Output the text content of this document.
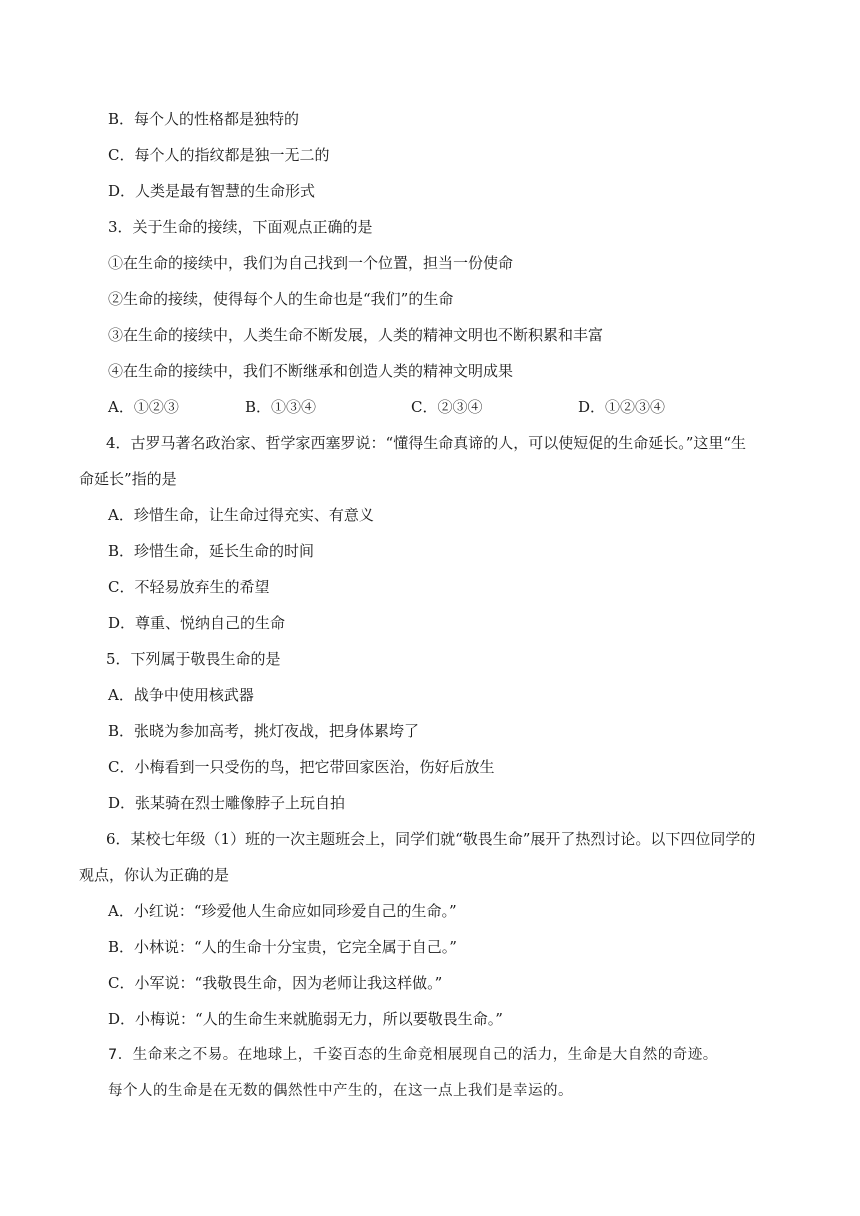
B．每个人的性格都是独特的
C．每个人的指纹都是独一无二的
D．人类是最有智慧的生命形式
3．关于生命的接续，下面观点正确的是
①在生命的接续中，我们为自己找到一个位置，担当一份使命
②生命的接续，使得每个人的生命也是“我们”的生命
③在生命的接续中，人类生命不断发展，人类的精神文明也不断积累和丰富
④在生命的接续中，我们不断继承和创造人类的精神文明成果
A．①②③	B．①③④	C．②③④	D．①②③④
4．古罗马著名政治家、哲学家西塞罗说：“懂得生命真谛的人，可以使短促的生命延长。”这里“生
命延长”指的是
A．珍惜生命，让生命过得充实、有意义
B．珍惜生命，延长生命的时间
C．不轻易放弃生的希望
D．尊重、悦纳自己的生命
5．下列属于敬畏生命的是
A．战争中使用核武器
B．张晓为参加高考，挑灯夜战，把身体累垮了
C．小梅看到一只受伤的鸟，把它带回家医治，伤好后放生
D．张某骑在烈士雕像脖子上玩自拍
6．某校七年级（1）班的一次主题班会上，同学们就“敬畏生命”展开了热烈讨论。以下四位同学的
观点，你认为正确的是
A．小红说：“珍爱他人生命应如同珍爱自己的生命。”
B．小林说：“人的生命十分宝贵，它完全属于自己。”
C．小军说：“我敬畏生命，因为老师让我这样做。”
D．小梅说：“人的生命生来就脆弱无力，所以要敬畏生命。”
7．生命来之不易。在地球上，千姿百态的生命竞相展现自己的活力，生命是大自然的奇迹。
每个人的生命是在无数的偶然性中产生的，在这一点上我们是幸运的。
